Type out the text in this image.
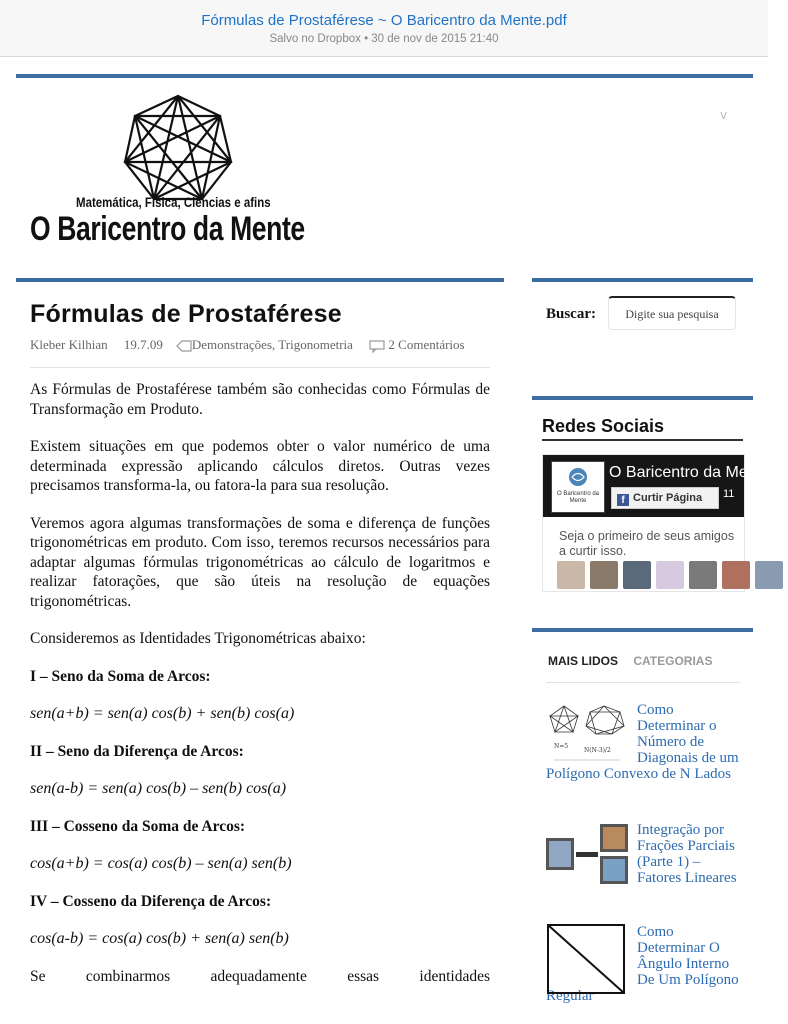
Fórmulas de Prostaférese ~ O Baricentro da Mente.pdf
Salvo no Dropbox • 30 de nov de 2015 21:40
Matemática, Física, Ciências e afins
O Baricentro da Mente
v
Fórmulas de Prostaférese
Kleber Kilhian 19.7.09 Demonstrações, Trigonometria	2 Comentários

As Fórmulas de Prostaférese também são conhecidas como Fórmulas de Transformação em Produto.

Existem situações em que podemos obter o valor numérico de uma determinada expressão aplicando cálculos diretos. Outras vezes precisamos transforma-la, ou fatora-la para sua resolução.

Veremos agora algumas transformações de soma e diferença de funções trigonométricas em produto. Com isso, teremos recursos necessários para adaptar algumas fórmulas trigonométricas ao cálculo de logaritmos e realizar fatorações, que são úteis na resolução de equações trigonométricas.

Consideremos as Identidades Trigonométricas abaixo:

I – Seno da Soma de Arcos:

sen(a+b) = sen(a) cos(b) + sen(b) cos(a)

II – Seno da Diferença de Arcos:

sen(a-b) = sen(a) cos(b) – sen(b) cos(a)

III – Cosseno da Soma de Arcos:

cos(a+b) = cos(a) cos(b) – sen(a) sen(b)

IV – Cosseno da Diferença de Arcos:

cos(a-b) = cos(a) cos(b) + sen(a) sen(b)

Se combinarmos adequadamente essas identidades

Buscar:	Digite sua pesquisa
Redes Sociais
O Baricentro da Mente
O Baricentro da Mente
f Curtir Página	11
Seja o primeiro de seus amigos a curtir isso.
MAIS LIDOS CATEGORIAS
N=5
N(N-3)/2
Como Determinar o Número de Diagonais de um Polígono Convexo de N Lados
Integração por Frações Parciais (Parte 1) – Fatores Lineares
Como Determinar O Ângulo Interno De Um Polígono Regular
